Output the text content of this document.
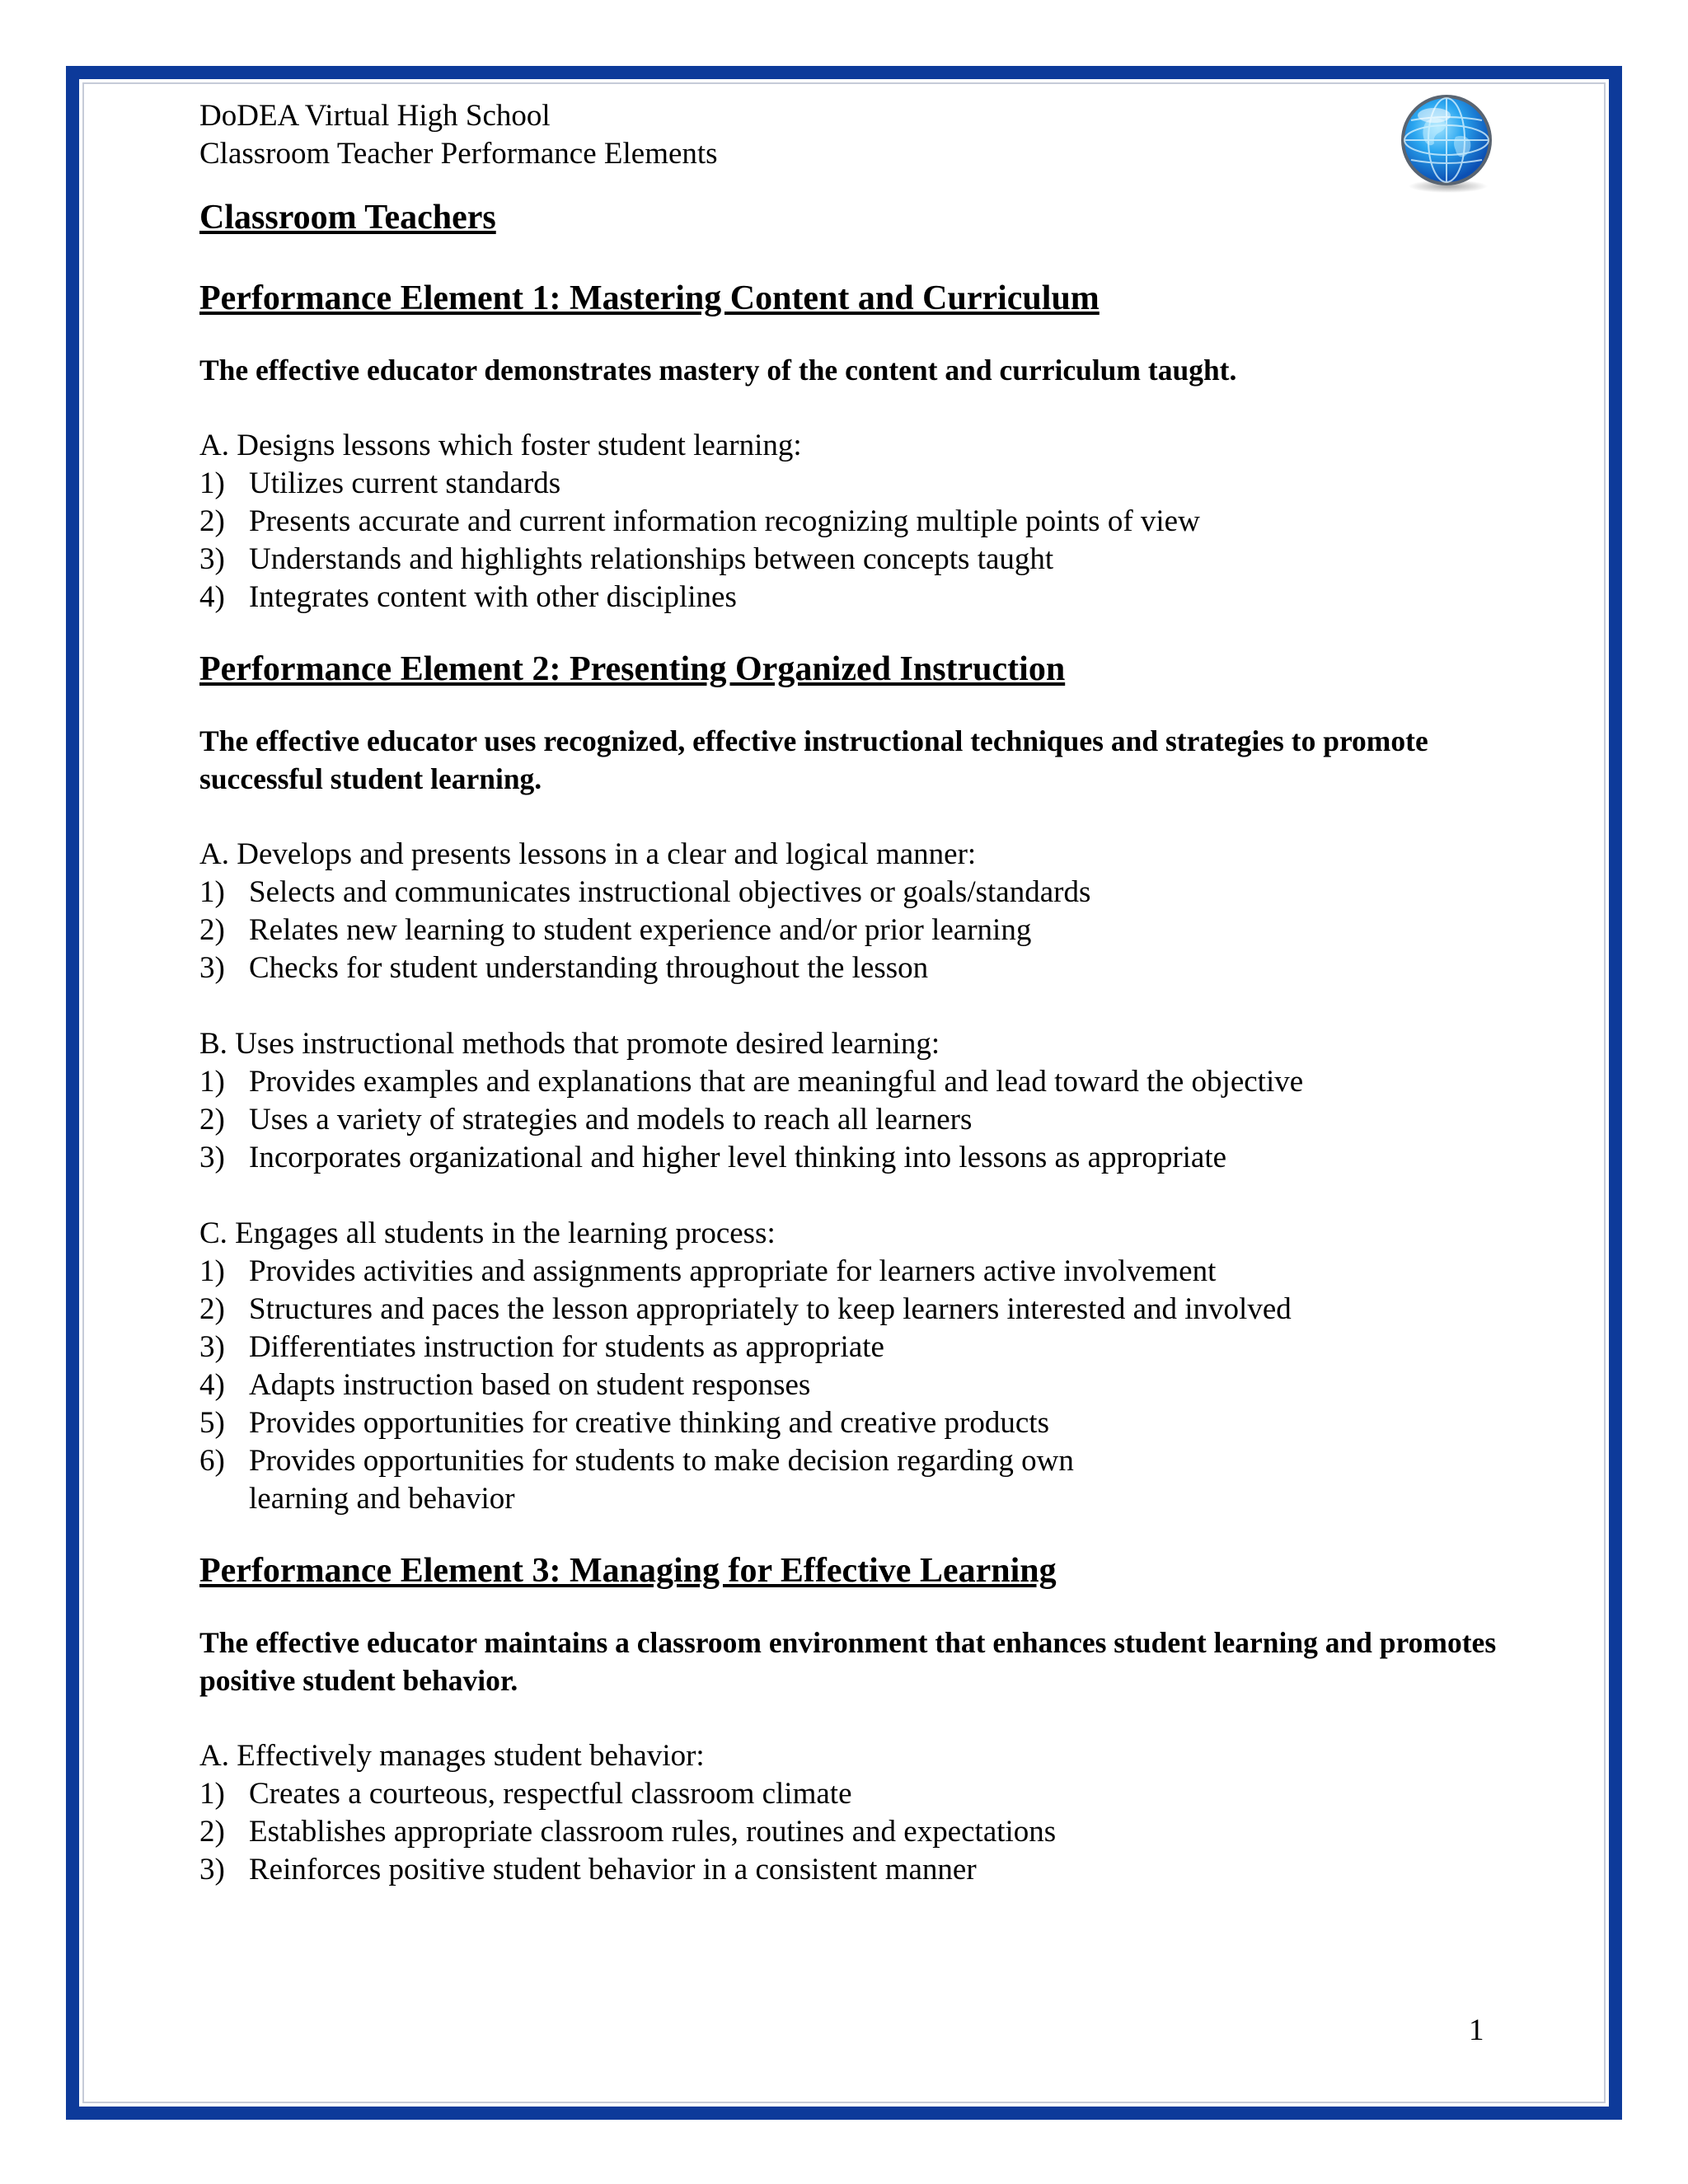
DoDEA Virtual High School
Classroom Teacher Performance Elements
Classroom Teachers
Performance Element 1: Mastering Content and Curriculum
The effective educator demonstrates mastery of the content and curriculum taught.
A. Designs lessons which foster student learning:
1) Utilizes current standards
2) Presents accurate and current information recognizing multiple points of view
3) Understands and highlights relationships between concepts taught
4) Integrates content with other disciplines
Performance Element 2: Presenting Organized Instruction
The effective educator uses recognized, effective instructional techniques and strategies to promote successful student learning.
A. Develops and presents lessons in a clear and logical manner:
1) Selects and communicates instructional objectives or goals/standards
2) Relates new learning to student experience and/or prior learning
3) Checks for student understanding throughout the lesson
B. Uses instructional methods that promote desired learning:
1) Provides examples and explanations that are meaningful and lead toward the objective
2) Uses a variety of strategies and models to reach all learners
3) Incorporates organizational and higher level thinking into lessons as appropriate
C. Engages all students in the learning process:
1) Provides activities and assignments appropriate for learners active involvement
2) Structures and paces the lesson appropriately to keep learners interested and involved
3) Differentiates instruction for students as appropriate
4) Adapts instruction based on student responses
5) Provides opportunities for creative thinking and creative products
6) Provides opportunities for students to make decision regarding own learning and behavior
Performance Element 3: Managing for Effective Learning
The effective educator maintains a classroom environment that enhances student learning and promotes positive student behavior.
A. Effectively manages student behavior:
1) Creates a courteous, respectful classroom climate
2) Establishes appropriate classroom rules, routines and expectations
3) Reinforces positive student behavior in a consistent manner
1
